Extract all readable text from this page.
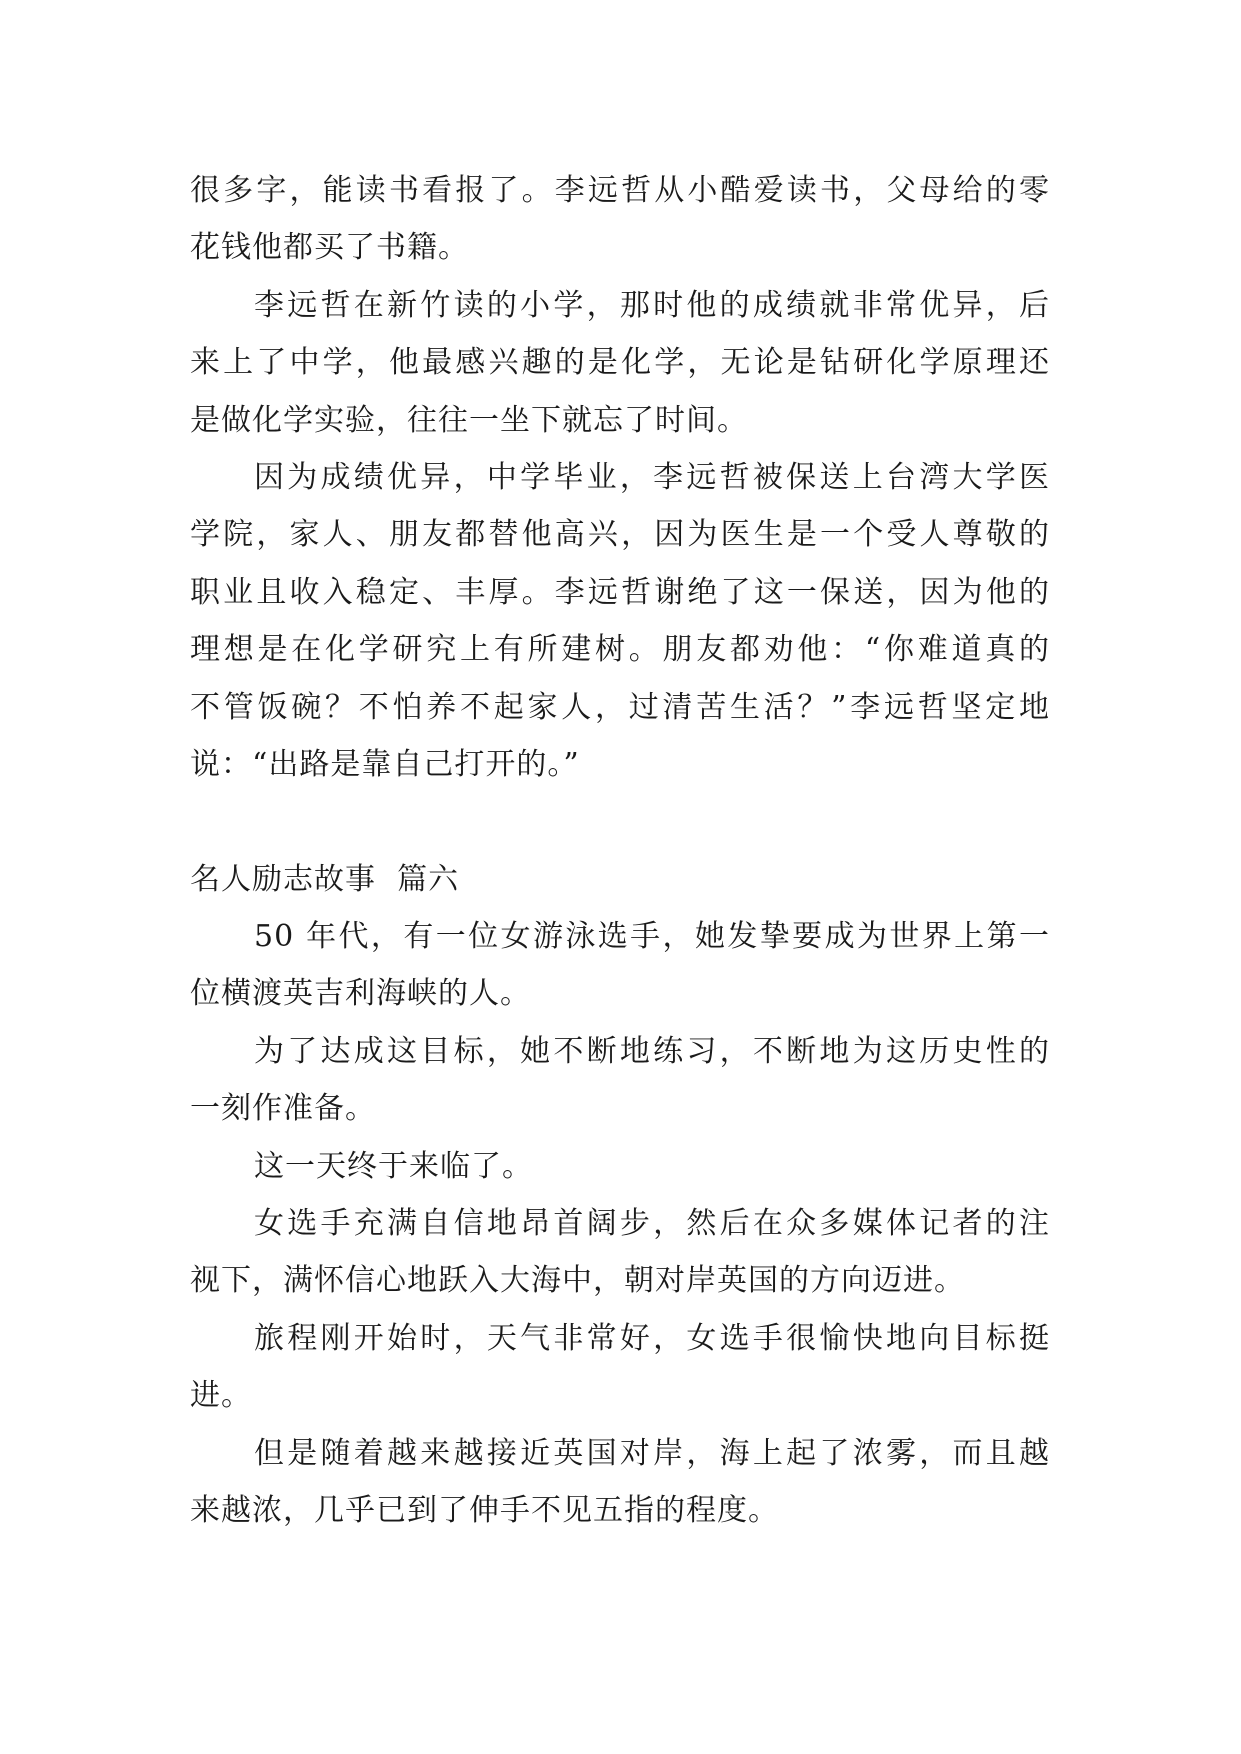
很多字，能读书看报了。李远哲从小酷爱读书，父母给的零
花钱他都买了书籍。
李远哲在新竹读的小学，那时他的成绩就非常优异，后
来上了中学，他最感兴趣的是化学，无论是钻研化学原理还
是做化学实验，往往一坐下就忘了时间。
因为成绩优异，中学毕业，李远哲被保送上台湾大学医
学院，家人、朋友都替他高兴，因为医生是一个受人尊敬的
职业且收入稳定、丰厚。李远哲谢绝了这一保送，因为他的
理想是在化学研究上有所建树。朋友都劝他：“你难道真的
不管饭碗？不怕养不起家人，过清苦生活？”李远哲坚定地
说：“出路是靠自己打开的。”
名人励志故事  篇六
50 年代，有一位女游泳选手，她发挚要成为世界上第一
位横渡英吉利海峡的人。
为了达成这目标，她不断地练习，不断地为这历史性的
一刻作准备。
这一天终于来临了。
女选手充满自信地昂首阔步，然后在众多媒体记者的注
视下，满怀信心地跃入大海中，朝对岸英国的方向迈进。
旅程刚开始时，天气非常好，女选手很愉快地向目标挺
进。
但是随着越来越接近英国对岸，海上起了浓雾，而且越
来越浓，几乎已到了伸手不见五指的程度。
